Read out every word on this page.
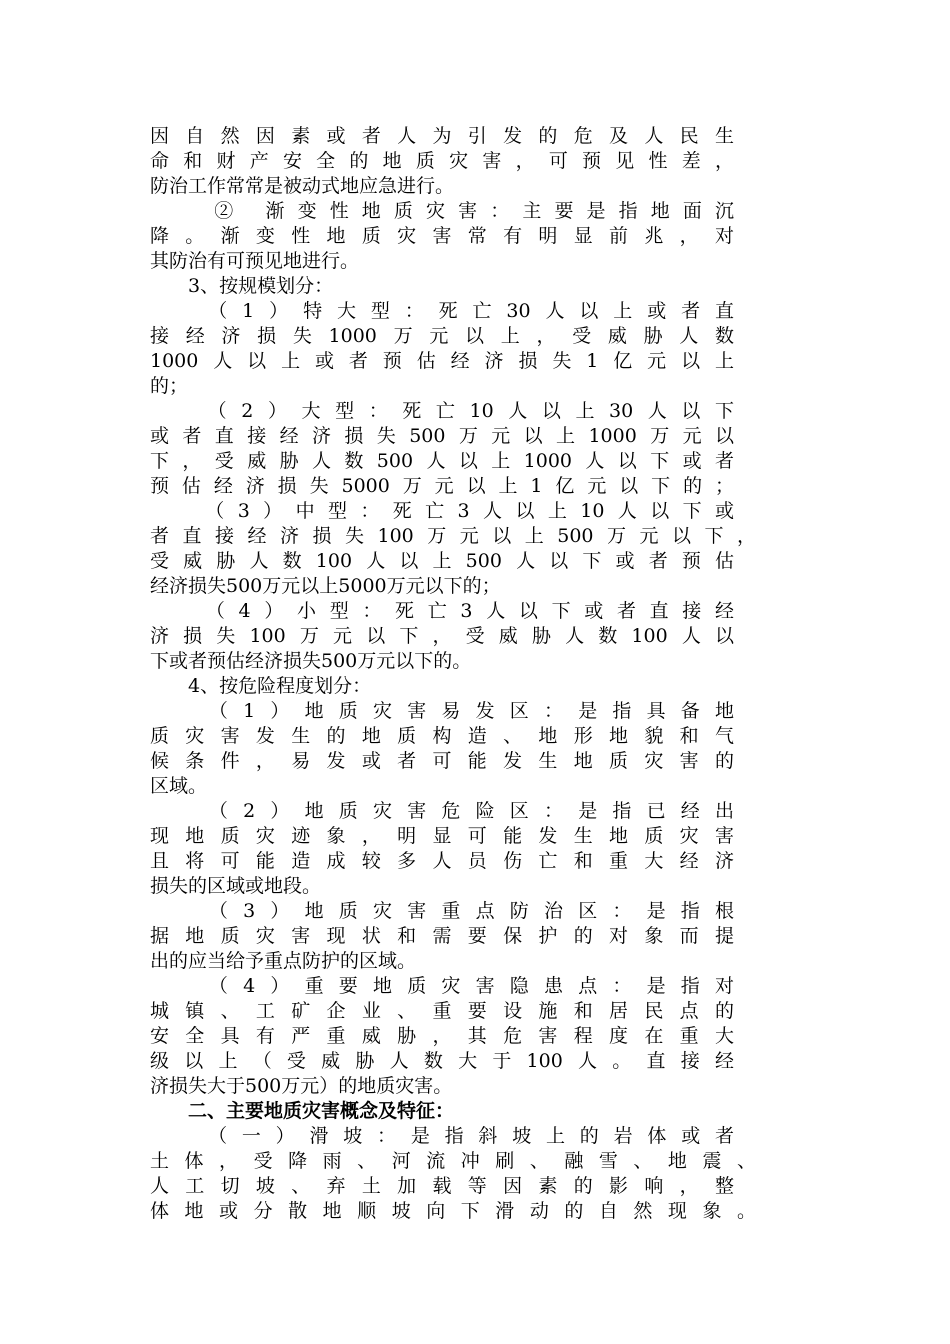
因自然因素或者人为引发的危及人民生
命和财产安全的地质灾害，可预见性差，
防治工作常常是被动式地应急进行。
　　② 渐变性地质灾害：主要是指地面沉
降。渐变性地质灾害常有明显前兆，对
其防治有可预见地进行。
　　3、按规模划分：
　　（1）特大型：死亡30人以上或者直
接经济损失1000万元以上，受威胁人数
1000人以上或者预估经济损失1亿元以上
的；
　　（2）大型：死亡10人以上30人以下
或者直接经济损失500万元以上1000万元以
下，受威胁人数500人以上1000人以下或者
预估经济损失5000万元以上1亿元以下的；
　　（3）中型：死亡3人以上10人以下或
者直接经济损失100万元以上500万元以下，
受威胁人数100人以上500人以下或者预估
经济损失500万元以上5000万元以下的；
　　（4）小型：死亡3人以下或者直接经
济损失100万元以下，受威胁人数100人以
下或者预估经济损失500万元以下的。
　　4、按危险程度划分：
　　（1）地质灾害易发区：是指具备地
质灾害发生的地质构造、地形地貌和气
候条件，易发或者可能发生地质灾害的
区域。
　　（2）地质灾害危险区：是指已经出
现地质灾迹象，明显可能发生地质灾害
且将可能造成较多人员伤亡和重大经济
损失的区域或地段。
　　（3）地质灾害重点防治区：是指根
据地质灾害现状和需要保护的对象而提
出的应当给予重点防护的区域。
　　（4）重要地质灾害隐患点：是指对
城镇、工矿企业、重要设施和居民点的
安全具有严重威胁，其危害程度在重大
级以上（受威胁人数大于100人。直接经
济损失大于500万元）的地质灾害。
　　二、主要地质灾害概念及特征：
　　（一）滑坡：是指斜坡上的岩体或者
土体，受降雨、河流冲刷、融雪、地震、
人工切坡、弃土加载等因素的影响，整
体地或分散地顺坡向下滑动的自然现象。
